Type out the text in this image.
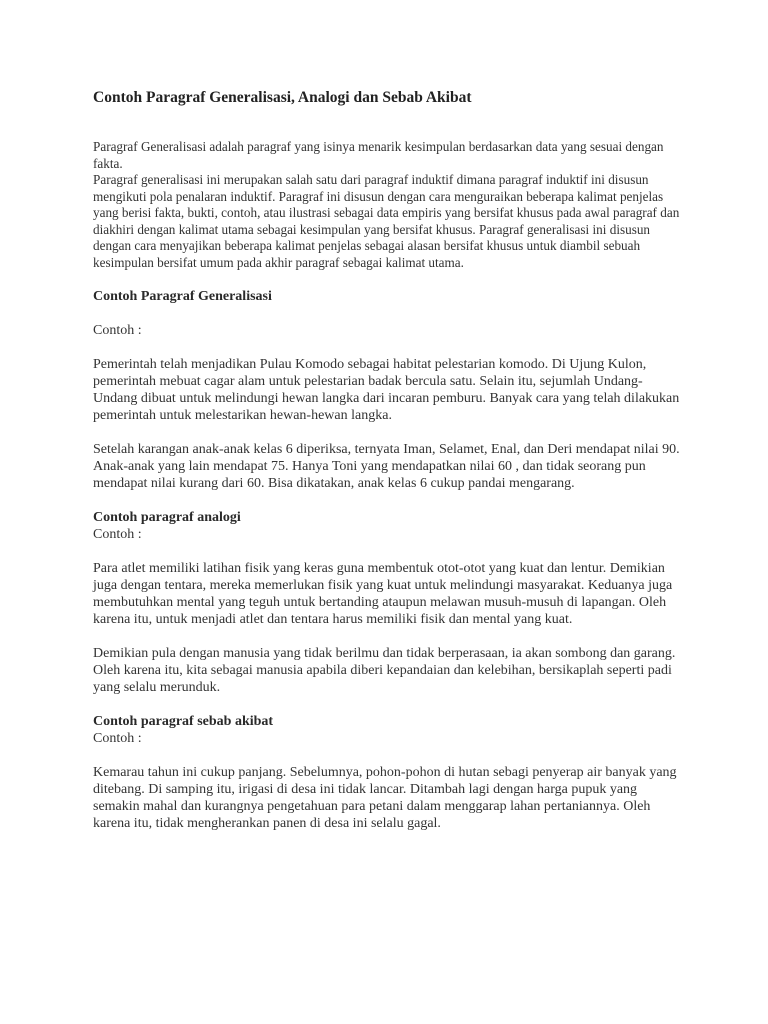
Contoh Paragraf Generalisasi, Analogi dan Sebab Akibat

Paragraf Generalisasi adalah paragraf yang isinya menarik kesimpulan berdasarkan data yang sesuai dengan fakta.

Paragraf generalisasi ini merupakan salah satu dari paragraf induktif dimana paragraf induktif ini disusun mengikuti pola penalaran induktif. Paragraf ini disusun dengan cara menguraikan beberapa kalimat penjelas yang berisi fakta, bukti, contoh, atau ilustrasi sebagai data empiris yang bersifat khusus pada awal paragraf dan diakhiri dengan kalimat utama sebagai kesimpulan yang bersifat khusus. Paragraf generalisasi ini disusun dengan cara menyajikan beberapa kalimat penjelas sebagai alasan bersifat khusus untuk diambil sebuah kesimpulan bersifat umum pada akhir paragraf sebagai kalimat utama.

Contoh Paragraf Generalisasi

Contoh :

Pemerintah telah menjadikan Pulau Komodo sebagai habitat pelestarian komodo. Di Ujung Kulon, pemerintah mebuat cagar alam untuk pelestarian badak bercula satu. Selain itu, sejumlah Undang-Undang dibuat untuk melindungi hewan langka dari incaran pemburu. Banyak cara yang telah dilakukan pemerintah untuk melestarikan hewan-hewan langka.

Setelah karangan anak-anak kelas 6 diperiksa, ternyata Iman, Selamet, Enal, dan Deri mendapat nilai 90. Anak-anak yang lain mendapat 75. Hanya Toni yang mendapatkan nilai 60 , dan tidak seorang pun mendapat nilai kurang dari 60. Bisa dikatakan, anak kelas 6 cukup pandai mengarang.

Contoh paragraf analogi

Contoh :

Para atlet memiliki latihan fisik yang keras guna membentuk otot-otot yang kuat dan lentur. Demikian juga dengan tentara, mereka memerlukan fisik yang kuat untuk melindungi masyarakat. Keduanya juga membutuhkan mental yang teguh untuk bertanding ataupun melawan musuh-musuh di lapangan. Oleh karena itu, untuk menjadi atlet dan tentara harus memiliki fisik dan mental yang kuat.

Demikian pula dengan manusia yang tidak berilmu dan tidak berperasaan, ia akan sombong dan garang. Oleh karena itu, kita sebagai manusia apabila diberi kepandaian dan kelebihan, bersikaplah seperti padi yang selalu merunduk.

Contoh paragraf sebab akibat

Contoh :

Kemarau tahun ini cukup panjang. Sebelumnya, pohon-pohon di hutan sebagi penyerap air banyak yang ditebang. Di samping itu, irigasi di desa ini tidak lancar. Ditambah lagi dengan harga pupuk yang semakin mahal dan kurangnya pengetahuan para petani dalam menggarap lahan pertaniannya. Oleh karena itu, tidak mengherankan panen di desa ini selalu gagal.
